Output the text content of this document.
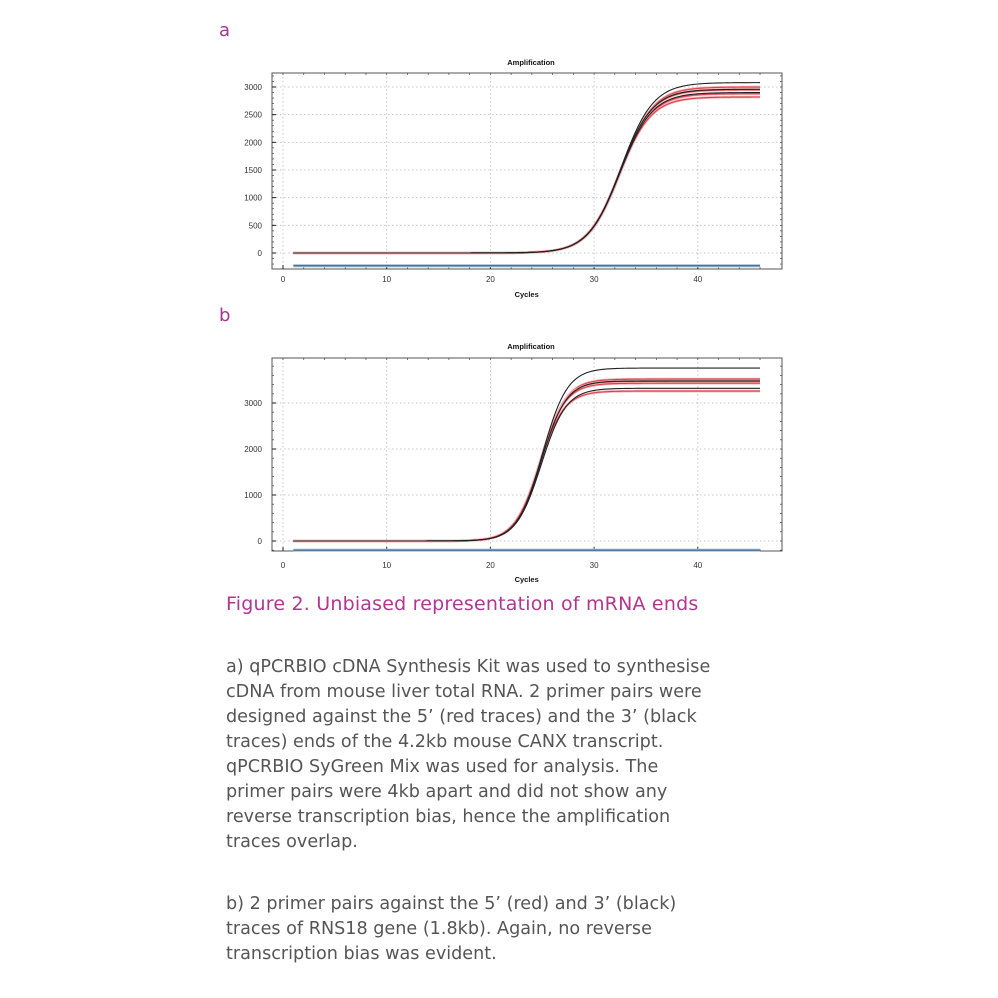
a
b
0	10	20	30	40
0
500
1000
1500
2000
2500
3000
Amplification
Cycles
0	10	20	30	40
0
1000
2000
3000
Amplification
Cycles
Figure 2. Unbiased representation of mRNA ends
a) qPCRBIO cDNA Synthesis Kit was used to synthesise
cDNA from mouse liver total RNA. 2 primer pairs were
designed against the 5’ (red traces) and the 3’ (black
traces) ends of the 4.2kb mouse CANX transcript.
qPCRBIO SyGreen Mix was used for analysis. The
primer pairs were 4kb apart and did not show any
reverse transcription bias, hence the amplification
traces overlap.
b) 2 primer pairs against the 5’ (red) and 3’ (black)
traces of RNS18 gene (1.8kb). Again, no reverse
transcription bias was evident.
